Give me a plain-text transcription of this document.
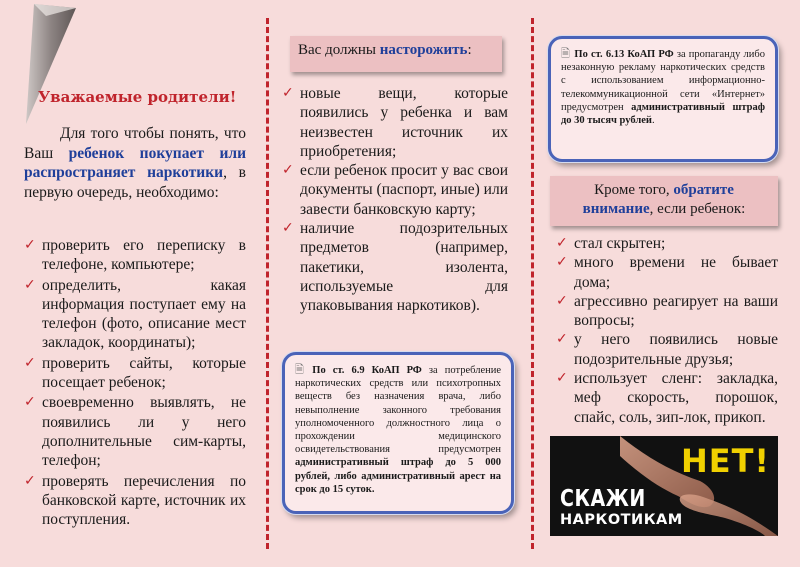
Уважаемые родители!
Для того чтобы понять, что Ваш ребенок покупает или распространяет наркотики, в первую очередь, необходимо:
✓ проверить его переписку в телефоне, компьютере;
✓ определить, какая информация поступает ему на телефон (фото, описание мест закладок, координаты);
✓ проверить сайты, которые посещает ребенок;
✓ своевременно выявлять, не появились ли у него дополнительные сим-карты, телефон;
✓ проверять перечисления по банковской карте, источник их поступления.
Вас должны насторожить:
✓ новые вещи, которые появились у ребенка и вам неизвестен источник их приобретения;
✓ если ребенок просит у вас свои документы (паспорт, иные) или завести банковскую карту;
✓ наличие подозрительных предметов (например, пакетики, изолента, используемые для упаковывания наркотиков).
🗎 По ст. 6.9 КоАП РФ за потребление наркотических средств или психотропных веществ без назначения врача, либо невыполнение законного требования уполномоченного должностного лица о прохождении медицинского освидетельствования предусмотрен административный штраф до 5 000 рублей, либо административный арест на срок до 15 суток.
🗎 По ст. 6.13 КоАП РФ за пропаганду либо незаконную рекламу наркотических средств с использованием информационно-телекоммуникационной сети «Интернет» предусмотрен административный штраф до 30 тысяч рублей.
Кроме того, обратите внимание, если ребенок:
✓ стал скрытен;
✓ много времени не бывает дома;
✓ агрессивно реагирует на ваши вопросы;
✓ у него появились новые подозрительные друзья;
✓ использует сленг: закладка, меф скорость, порошок, спайс, соль, зип-лок, прикоп.
НЕТ!
СКАЖИ
НАРКОТИКАМ
